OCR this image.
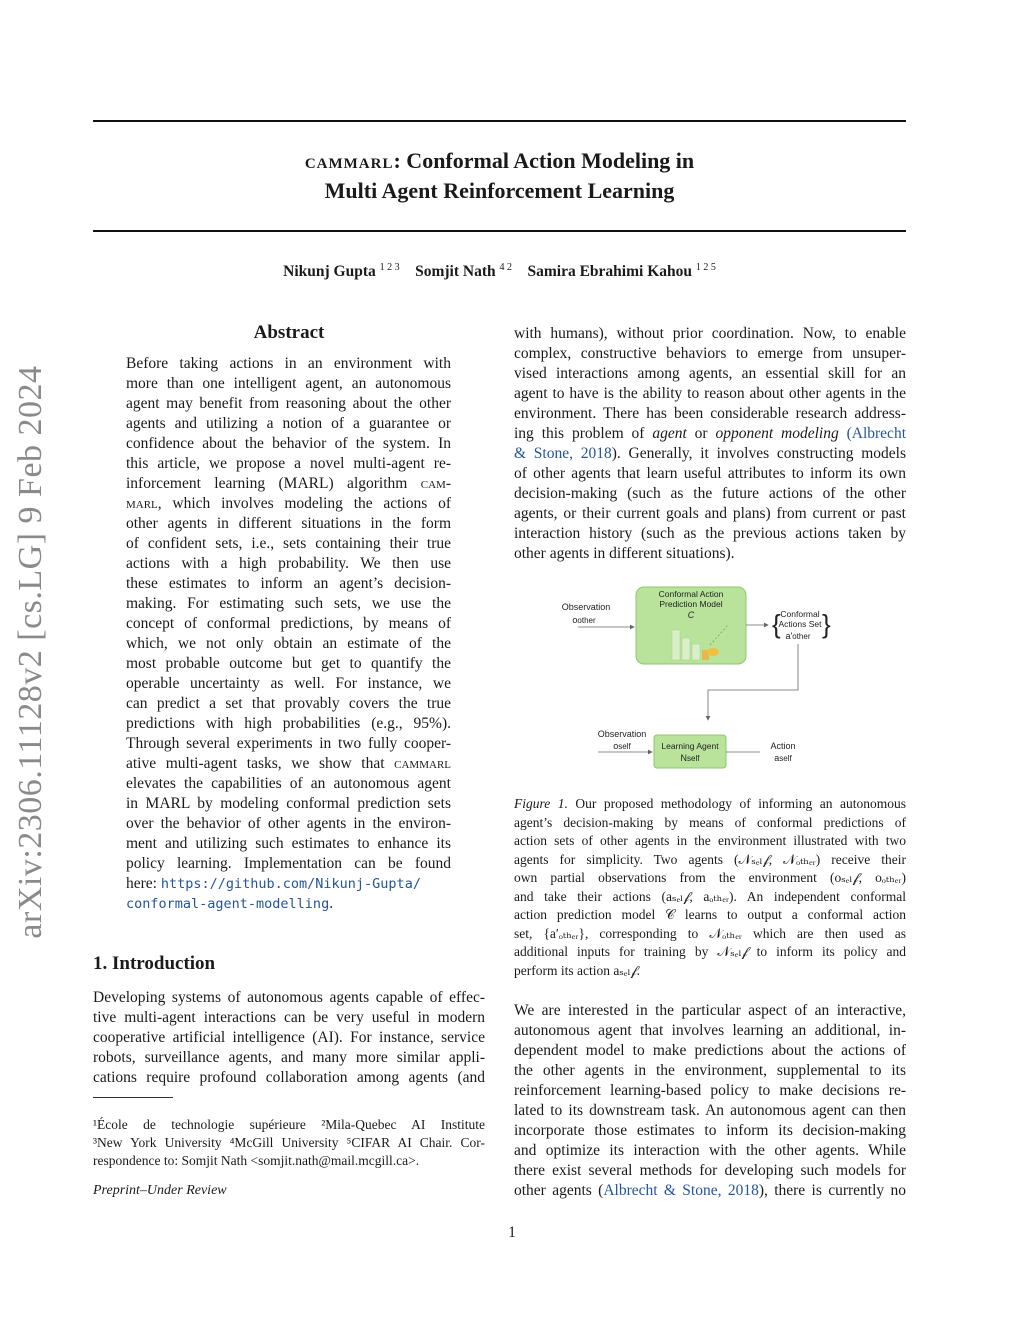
cammarl: Conformal Action Modeling in
Multi Agent Reinforcement Learning
Nikunj Gupta $^{1 2 3}$ Somjit Nath $^{4 2}$ Samira Ebrahimi Kahou $^{1 2 5}$
arXiv:2306.11128v2 [cs.LG] 9 Feb 2024
Abstract
Before taking actions in an environment with
more than one intelligent agent, an autonomous
agent may benefit from reasoning about the other
agents and utilizing a notion of a guarantee or
confidence about the behavior of the system. In
this article, we propose a novel multi-agent re-
inforcement learning (MARL) algorithm cam-
marl, which involves modeling the actions of
other agents in different situations in the form
of confident sets, i.e., sets containing their true
actions with a high probability. We then use
these estimates to inform an agent’s decision-
making. For estimating such sets, we use the
concept of conformal predictions, by means of
which, we not only obtain an estimate of the
most probable outcome but get to quantify the
operable uncertainty as well. For instance, we
can predict a set that provably covers the true
predictions with high probabilities (e.g., 95%).
Through several experiments in two fully cooper-
ative multi-agent tasks, we show that cammarl
elevates the capabilities of an autonomous agent
in MARL by modeling conformal prediction sets
over the behavior of other agents in the environ-
ment and utilizing such estimates to enhance its
policy learning. Implementation can be found
here: https://github.com/Nikunj-Gupta/
conformal-agent-modelling.
1. Introduction
Developing systems of autonomous agents capable of effec-
tive multi-agent interactions can be very useful in modern
cooperative artificial intelligence (AI). For instance, service
robots, surveillance agents, and many more similar appli-
cations require profound collaboration among agents (and
¹École de technologie supérieure ²Mila-Quebec AI Institute
³New York University ⁴McGill University ⁵CIFAR AI Chair. Cor-
respondence to: Somjit Nath <somjit.nath@mail.mcgill.ca>.
Preprint–Under Review
with humans), without prior coordination. Now, to enable
complex, constructive behaviors to emerge from unsuper-
vised interactions among agents, an essential skill for an
agent to have is the ability to reason about other agents in the
environment. There has been considerable research address-
ing this problem of agent or opponent modeling (Albrecht
& Stone, 2018). Generally, it involves constructing models
of other agents that learn useful attributes to inform its own
decision-making (such as the future actions of the other
agents, or their current goals and plans) from current or past
interaction history (such as the previous actions taken by
other agents in different situations).
Observation
oother
Conformal Action
Prediction Model
C	{ Conformal
Actions Set
a'other }
Observation
oself	Learning Agent
Nself
Action
aself
Figure 1. Our proposed methodology of informing an autonomous
agent’s decision-making by means of conformal predictions of
action sets of other agents in the environment illustrated with two
agents for simplicity. Two agents (𝒩ₛₑₗ𝒻, 𝒩ₒₜₕₑᵣ) receive their
own partial observations from the environment (oₛₑₗ𝒻, oₒₜₕₑᵣ)
and take their actions (aₛₑₗ𝒻, aₒₜₕₑᵣ). An independent conformal
action prediction model 𝒞 learns to output a conformal action
set, {a′ₒₜₕₑᵣ}, corresponding to 𝒩ₒₜₕₑᵣ which are then used as
additional inputs for training by 𝒩ₛₑₗ𝒻 to inform its policy and
perform its action aₛₑₗ𝒻.
We are interested in the particular aspect of an interactive,
autonomous agent that involves learning an additional, in-
dependent model to make predictions about the actions of
the other agents in the environment, supplemental to its
reinforcement learning-based policy to make decisions re-
lated to its downstream task. An autonomous agent can then
incorporate those estimates to inform its decision-making
and optimize its interaction with the other agents. While
there exist several methods for developing such models for
other agents (Albrecht & Stone, 2018), there is currently no
1
